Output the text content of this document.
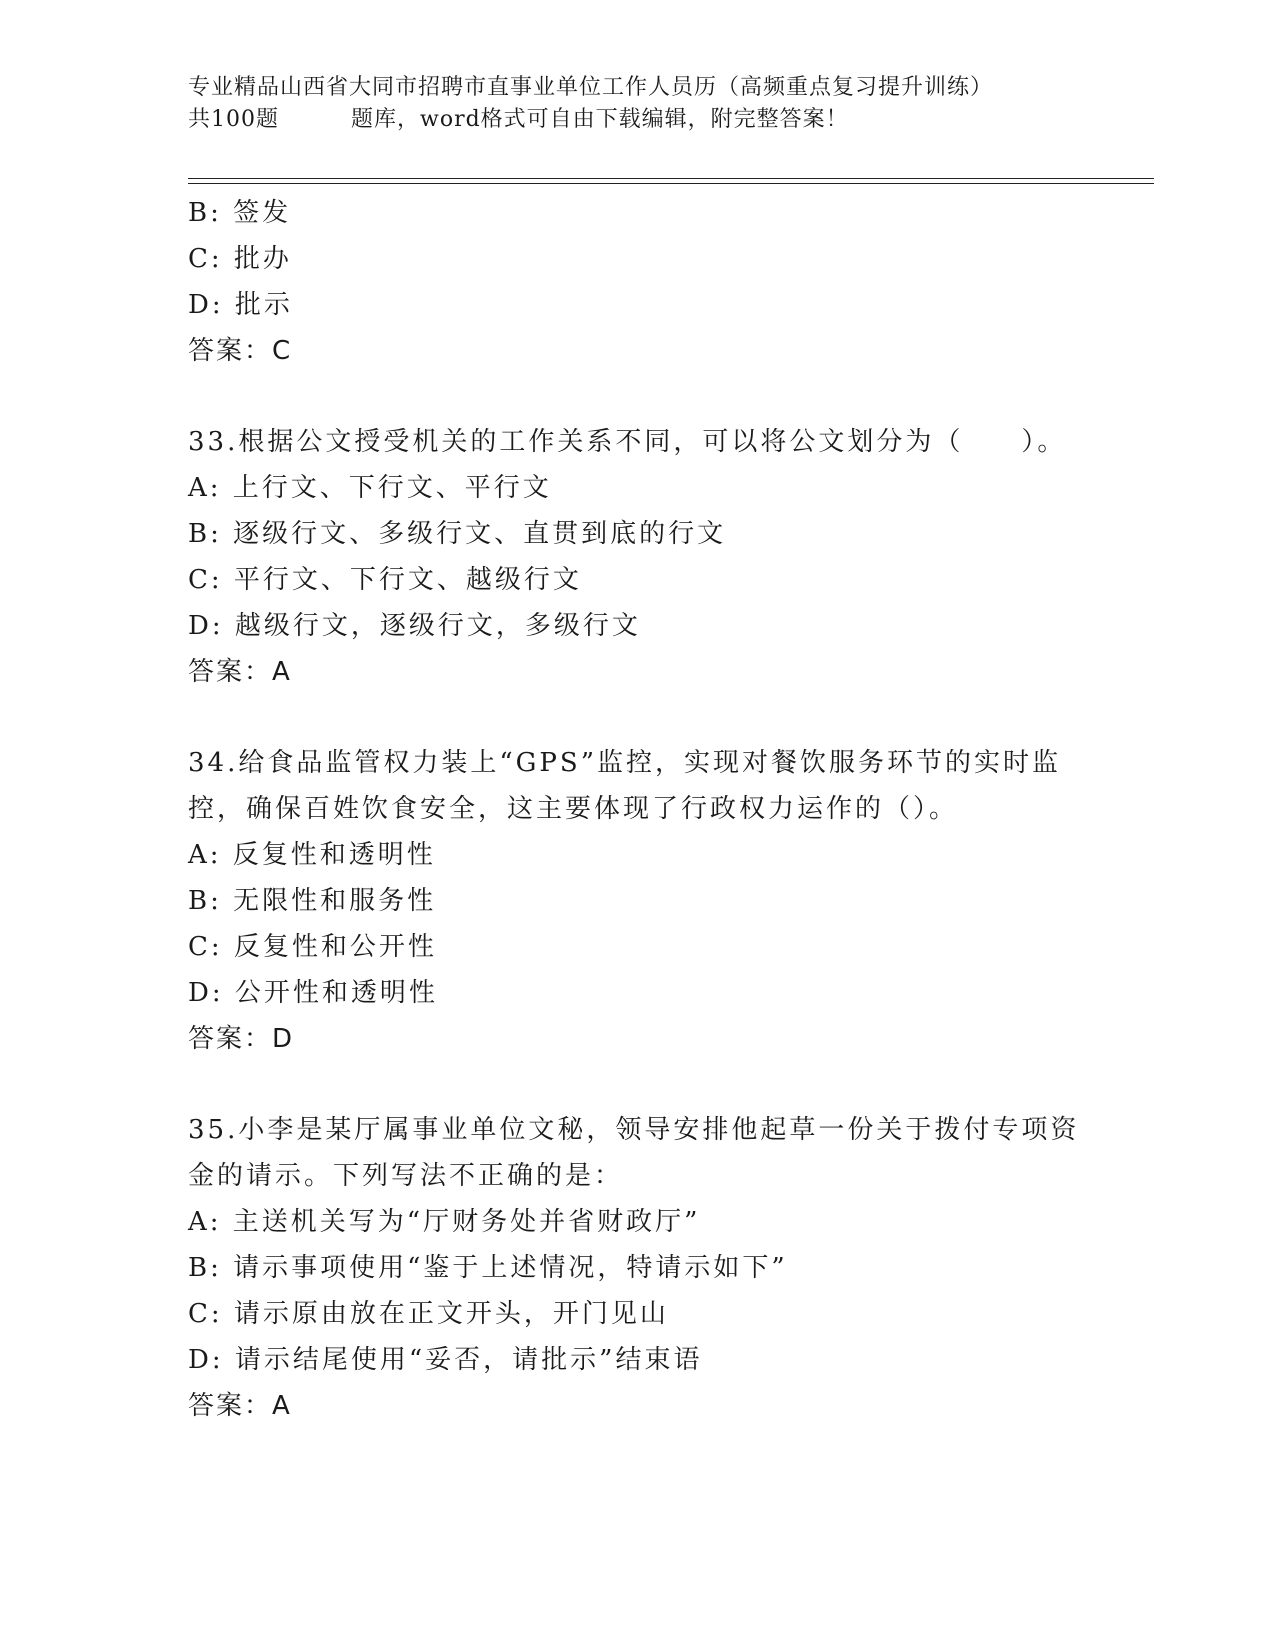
专业精品山西省大同市招聘市直事业单位工作人员历（高频重点复习提升训练）
共100题	题库，word格式可自由下载编辑，附完整答案！
B: 签发
C: 批办
D: 批示
答案：C
33.根据公文授受机关的工作关系不同，可以将公文划分为（　　）。
A: 上行文、下行文、平行文
B: 逐级行文、多级行文、直贯到底的行文
C: 平行文、下行文、越级行文
D: 越级行文，逐级行文，多级行文
答案：A
34.给食品监管权力装上“GPS”监控，实现对餐饮服务环节的实时监
控，确保百姓饮食安全，这主要体现了行政权力运作的（）。
A: 反复性和透明性
B: 无限性和服务性
C: 反复性和公开性
D: 公开性和透明性
答案：D
35.小李是某厅属事业单位文秘，领导安排他起草一份关于拨付专项资
金的请示。下列写法不正确的是：
A: 主送机关写为“厅财务处并省财政厅”
B: 请示事项使用“鉴于上述情况，特请示如下”
C: 请示原由放在正文开头，开门见山
D: 请示结尾使用“妥否，请批示”结束语
答案：A
